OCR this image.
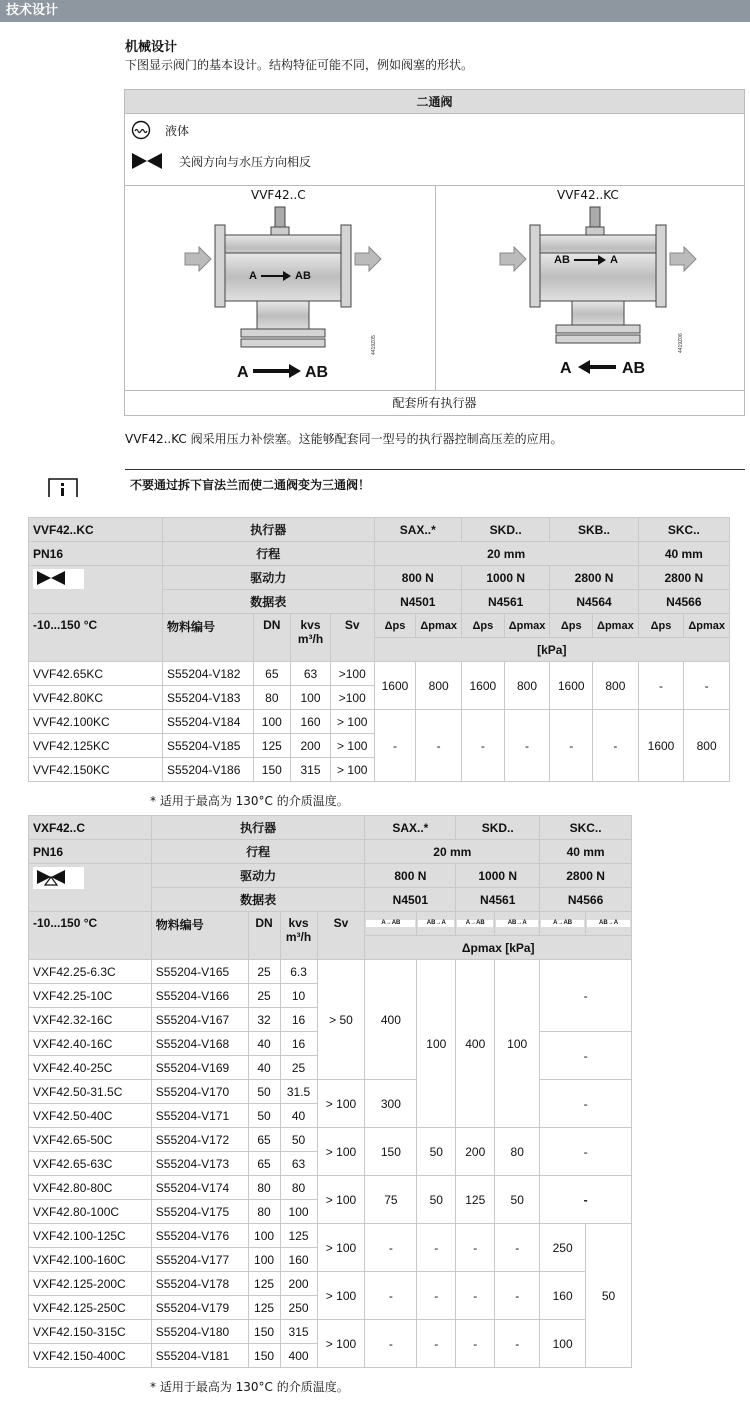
技术设计
机械设计
下图显示阀门的基本设计。结构特征可能不同，例如阀塞的形状。
二通阀
液体
关阀方向与水压方向相反
VVF42..C	VVF42..KC
A	AB
A	AB
4419Z05
AB	A
A	AB
4419Z06
配套所有执行器
VVF42..KC 阀采用压力补偿塞。这能够配套同一型号的执行器控制高压差的应用。
不要通过拆下盲法兰而使二通阀变为三通阀！
VVF42..KC	执行器				SAX..*		SKD..		SKB..		SKC..	
PN16	行程				20 mm						40 mm	
	驱动力				800 N		1000 N		2800 N		2800 N	
	数据表				N4501		N4561		N4564		N4566	
-10...150 °C	物料编号	DN	kvs
m³/h	Sv	Δps	Δpmax	Δps	Δpmax	Δps	Δpmax	Δps	Δpmax
					[kPa]							
VVF42.65KC	S55204-V182	65	63	>100	1600	800	1600	800	1600	800	-	-
VVF42.80KC	S55204-V183	80	100	>100								
VVF42.100KC	S55204-V184	100	160	> 100	-	-	-	-	-	-	1600	800
VVF42.125KC	S55204-V185	125	200	> 100								
VVF42.150KC	S55204-V186	150	315	> 100								
* 适用于最高为 130°C 的介质温度。
VXF42..C	执行器				SAX..*		SKD..		SKC..	
PN16	行程				20 mm				40 mm	
	驱动力				800 N		1000 N		2800 N	
	数据表				N4501		N4561		N4566	
-10...150 °C	物料编号	DN	kvs
m³/h	Sv	A→AB	AB→A	A→AB	AB→A	A→AB	AB→A

					Δpmax [kPa]					
VXF42.25-6.3C	S55204-V165	25	6.3	> 50	400	100	400	100	-	
VXF42.25-10C	S55204-V166	25	10							
VXF42.32-16C	S55204-V167	32	16							
VXF42.40-16C	S55204-V168	40	16						-	
VXF42.40-25C	S55204-V169	40	25							
VXF42.50-31.5C	S55204-V170	50	31.5	> 100	300				-	
VXF42.50-40C	S55204-V171	50	40							
VXF42.65-50C	S55204-V172	65	50	> 100	150	50	200	80	-	
VXF42.65-63C	S55204-V173	65	63							
VXF42.80-80C	S55204-V174	80	80	> 100	75	50	125	50	-	
VXF42.80-100C	S55204-V175	80	100							
VXF42.100-125C	S55204-V176	100	125	> 100	-	-	-	-	250	50
VXF42.100-160C	S55204-V177	100	160							
VXF42.125-200C	S55204-V178	125	200	> 100	-	-	-	-	160	
VXF42.125-250C	S55204-V179	125	250							
VXF42.150-315C	S55204-V180	150	315	> 100	-	-	-	-	100	
VXF42.150-400C	S55204-V181	150	400							
* 适用于最高为 130°C 的介质温度。
